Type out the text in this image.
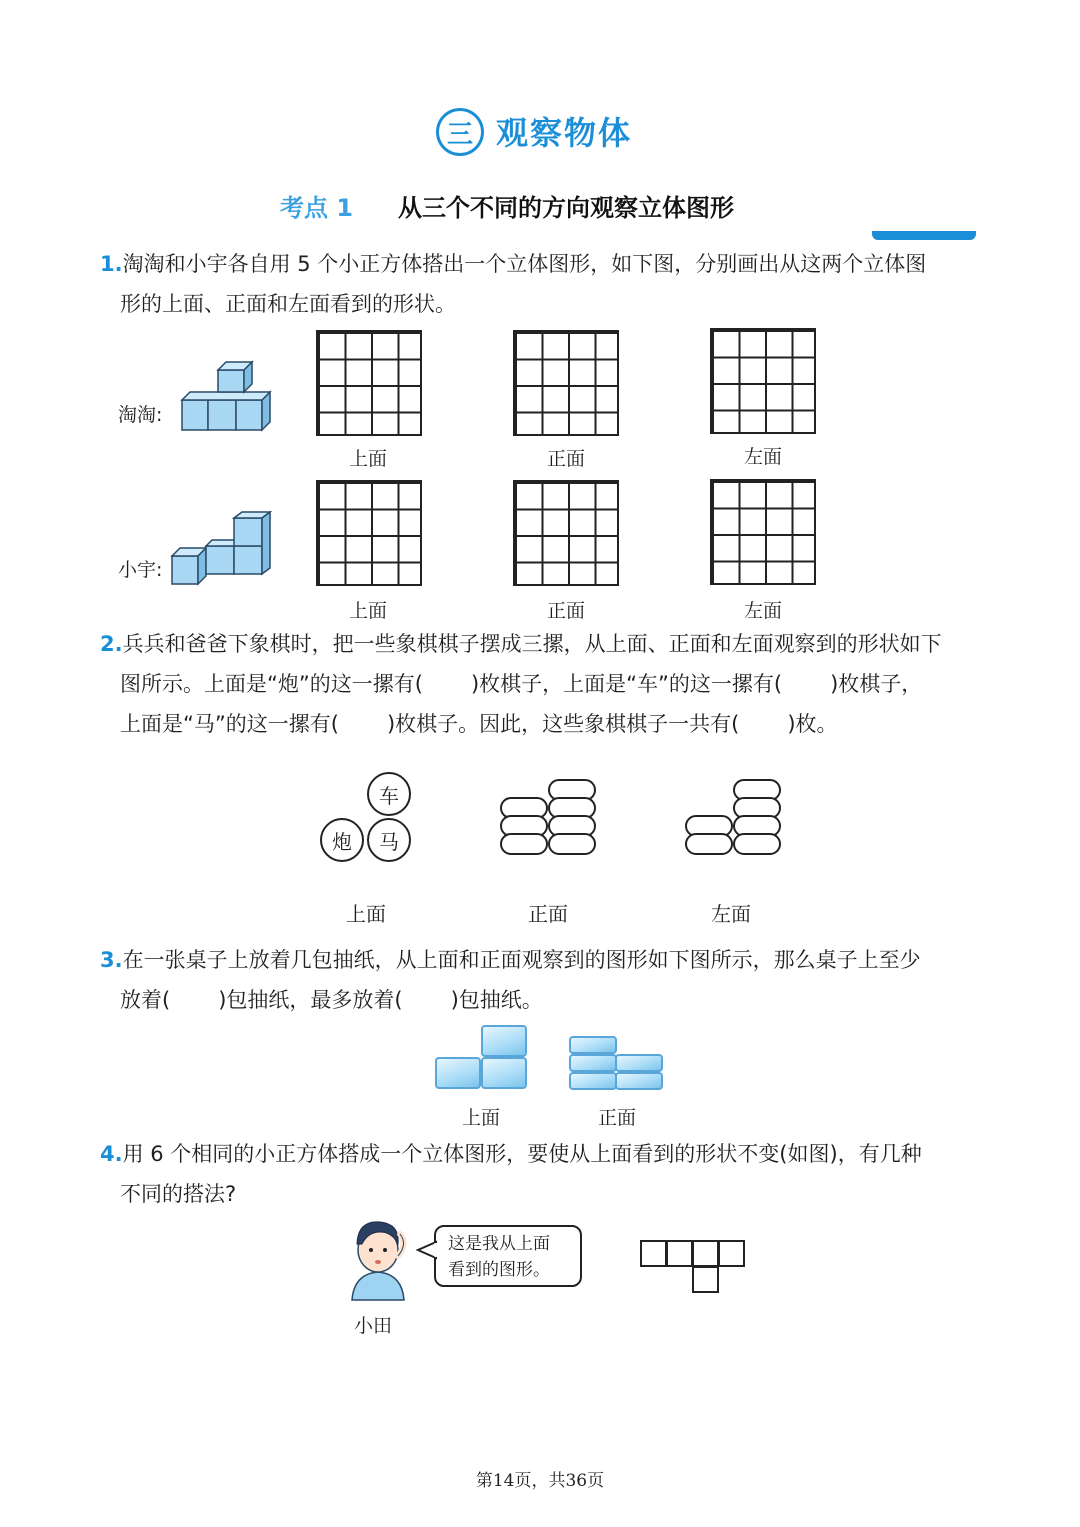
三 观察物体
考点 1 从三个不同的方向观察立体图形
1.淘淘和小宇各自用 5 个小正方体搭出一个立体图形，如下图，分别画出从这两个立体图
形的上面、正面和左面看到的形状。
淘淘:
上面	正面	左面
小宇:
上面	正面	左面
2.兵兵和爸爸下象棋时，把一些象棋棋子摆成三摞，从上面、正面和左面观察到的形状如下
图所示。上面是“炮”的这一摞有( )枚棋子，上面是“车”的这一摞有( )枚棋子，
上面是“马”的这一摞有( )枚棋子。因此，这些象棋棋子一共有( )枚。
车
炮 马
上面	正面	左面
3.在一张桌子上放着几包抽纸，从上面和正面观察到的图形如下图所示，那么桌子上至少
放着( )包抽纸，最多放着( )包抽纸。
上面	正面
4.用 6 个相同的小正方体搭成一个立体图形，要使从上面看到的形状不变(如图)，有几种
不同的搭法?
小田
这是我从上面
看到的图形。
第14页，共36页
